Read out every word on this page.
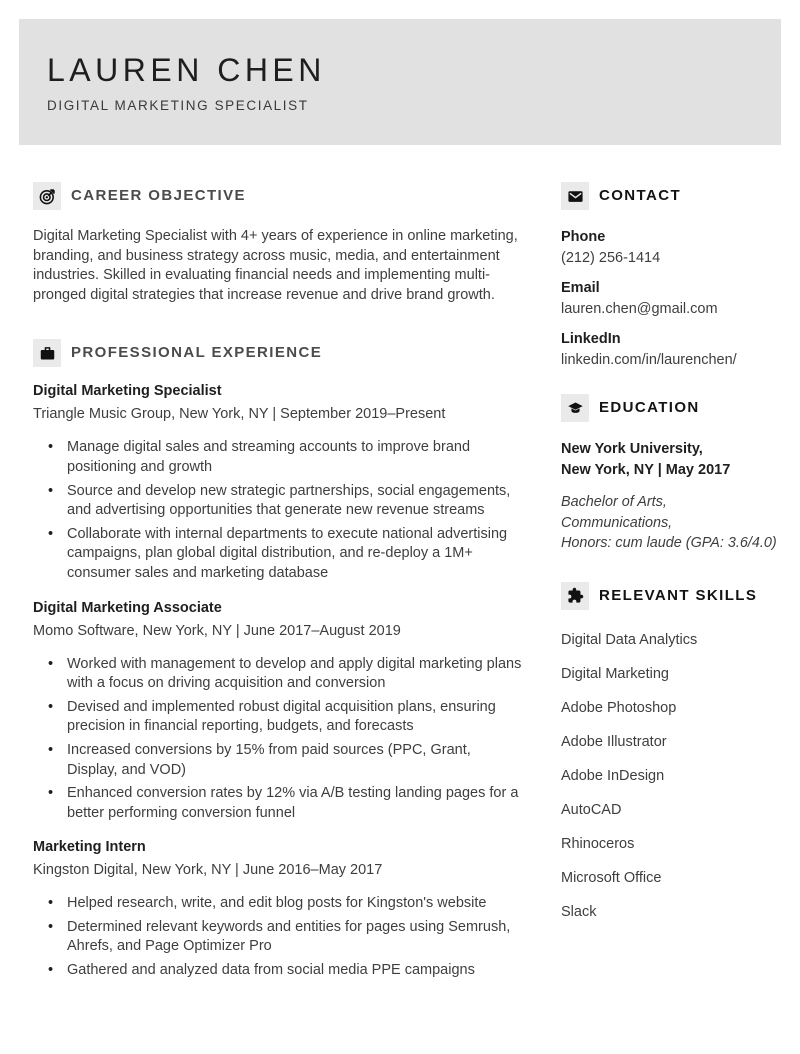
LAUREN CHEN
DIGITAL MARKETING SPECIALIST
CAREER OBJECTIVE
Digital Marketing Specialist with 4+ years of experience in online marketing, branding, and business strategy across music, media, and entertainment industries. Skilled in evaluating financial needs and implementing multi-pronged digital strategies that increase revenue and drive brand growth.
PROFESSIONAL EXPERIENCE
Digital Marketing Specialist
Triangle Music Group, New York, NY | September 2019–Present
• Manage digital sales and streaming accounts to improve brand positioning and growth
• Source and develop new strategic partnerships, social engagements, and advertising opportunities that generate new revenue streams
• Collaborate with internal departments to execute national advertising campaigns, plan global digital distribution, and re-deploy a 1M+ consumer sales and marketing database
Digital Marketing Associate
Momo Software, New York, NY | June 2017–August 2019
• Worked with management to develop and apply digital marketing plans with a focus on driving acquisition and conversion
• Devised and implemented robust digital acquisition plans, ensuring precision in financial reporting, budgets, and forecasts
• Increased conversions by 15% from paid sources (PPC, Grant, Display, and VOD)
• Enhanced conversion rates by 12% via A/B testing landing pages for a better performing conversion funnel
Marketing Intern
Kingston Digital, New York, NY | June 2016–May 2017
• Helped research, write, and edit blog posts for Kingston's website
• Determined relevant keywords and entities for pages using Semrush, Ahrefs, and Page Optimizer Pro
• Gathered and analyzed data from social media PPE campaigns
CONTACT
Phone
(212) 256-1414
Email
lauren.chen@gmail.com
LinkedIn
linkedin.com/in/laurenchen/
EDUCATION
New York University,
New York, NY | May 2017
Bachelor of Arts,
Communications,
Honors: cum laude (GPA: 3.6/4.0)
RELEVANT SKILLS
Digital Data Analytics
Digital Marketing
Adobe Photoshop
Adobe Illustrator
Adobe InDesign
AutoCAD
Rhinoceros
Microsoft Office
Slack
